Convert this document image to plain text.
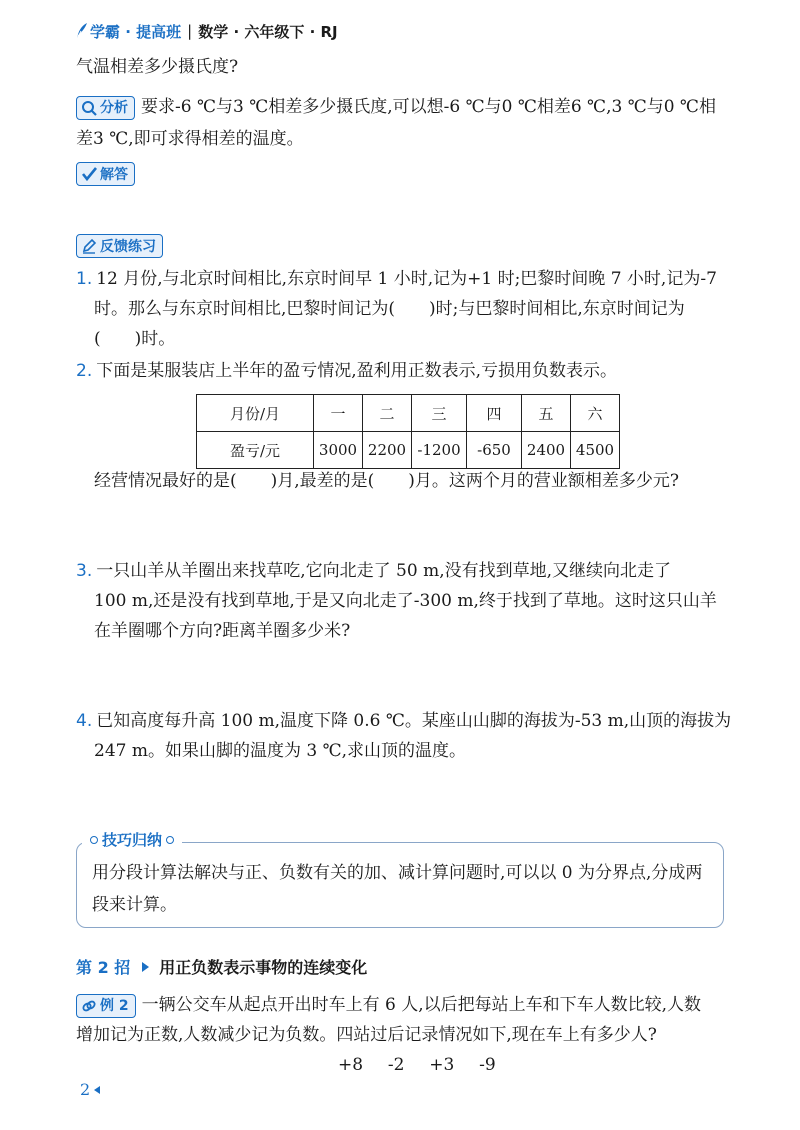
学霸 · 提高班 | 数学 · 六年级下 · RJ
气温相差多少摄氏度?
分析 要求-6 ℃与3 ℃相差多少摄氏度,可以想-6 ℃与0 ℃相差6 ℃,3 ℃与0 ℃相
差3 ℃,即可求得相差的温度。
解答
反馈练习
1. 12 月份,与北京时间相比,东京时间早 1 小时,记为+1 时;巴黎时间晚 7 小时,记为-7
时。那么与东京时间相比,巴黎时间记为(　　)时;与巴黎时间相比,东京时间记为
(　　)时。
2. 下面是某服装店上半年的盈亏情况,盈利用正数表示,亏损用负数表示。
月份/月	一	二	三	四	五	六
盈亏/元	3000	2200	-1200	-650	2400	4500
经营情况最好的是(　　)月,最差的是(　　)月。这两个月的营业额相差多少元?
3. 一只山羊从羊圈出来找草吃,它向北走了 50 m,没有找到草地,又继续向北走了
100 m,还是没有找到草地,于是又向北走了-300 m,终于找到了草地。这时这只山羊
在羊圈哪个方向?距离羊圈多少米?
4. 已知高度每升高 100 m,温度下降 0.6 ℃。某座山山脚的海拔为-53 m,山顶的海拔为
247 m。如果山脚的温度为 3 ℃,求山顶的温度。
技巧归纳
用分段计算法解决与正、负数有关的加、减计算问题时,可以以 0 为分界点,分成两
段来计算。
第 2 招 用正负数表示事物的连续变化
例 2 一辆公交车从起点开出时车上有 6 人,以后把每站上车和下车人数比较,人数
增加记为正数,人数减少记为负数。四站过后记录情况如下,现在车上有多少人?
+8 -2 +3 -9
2
